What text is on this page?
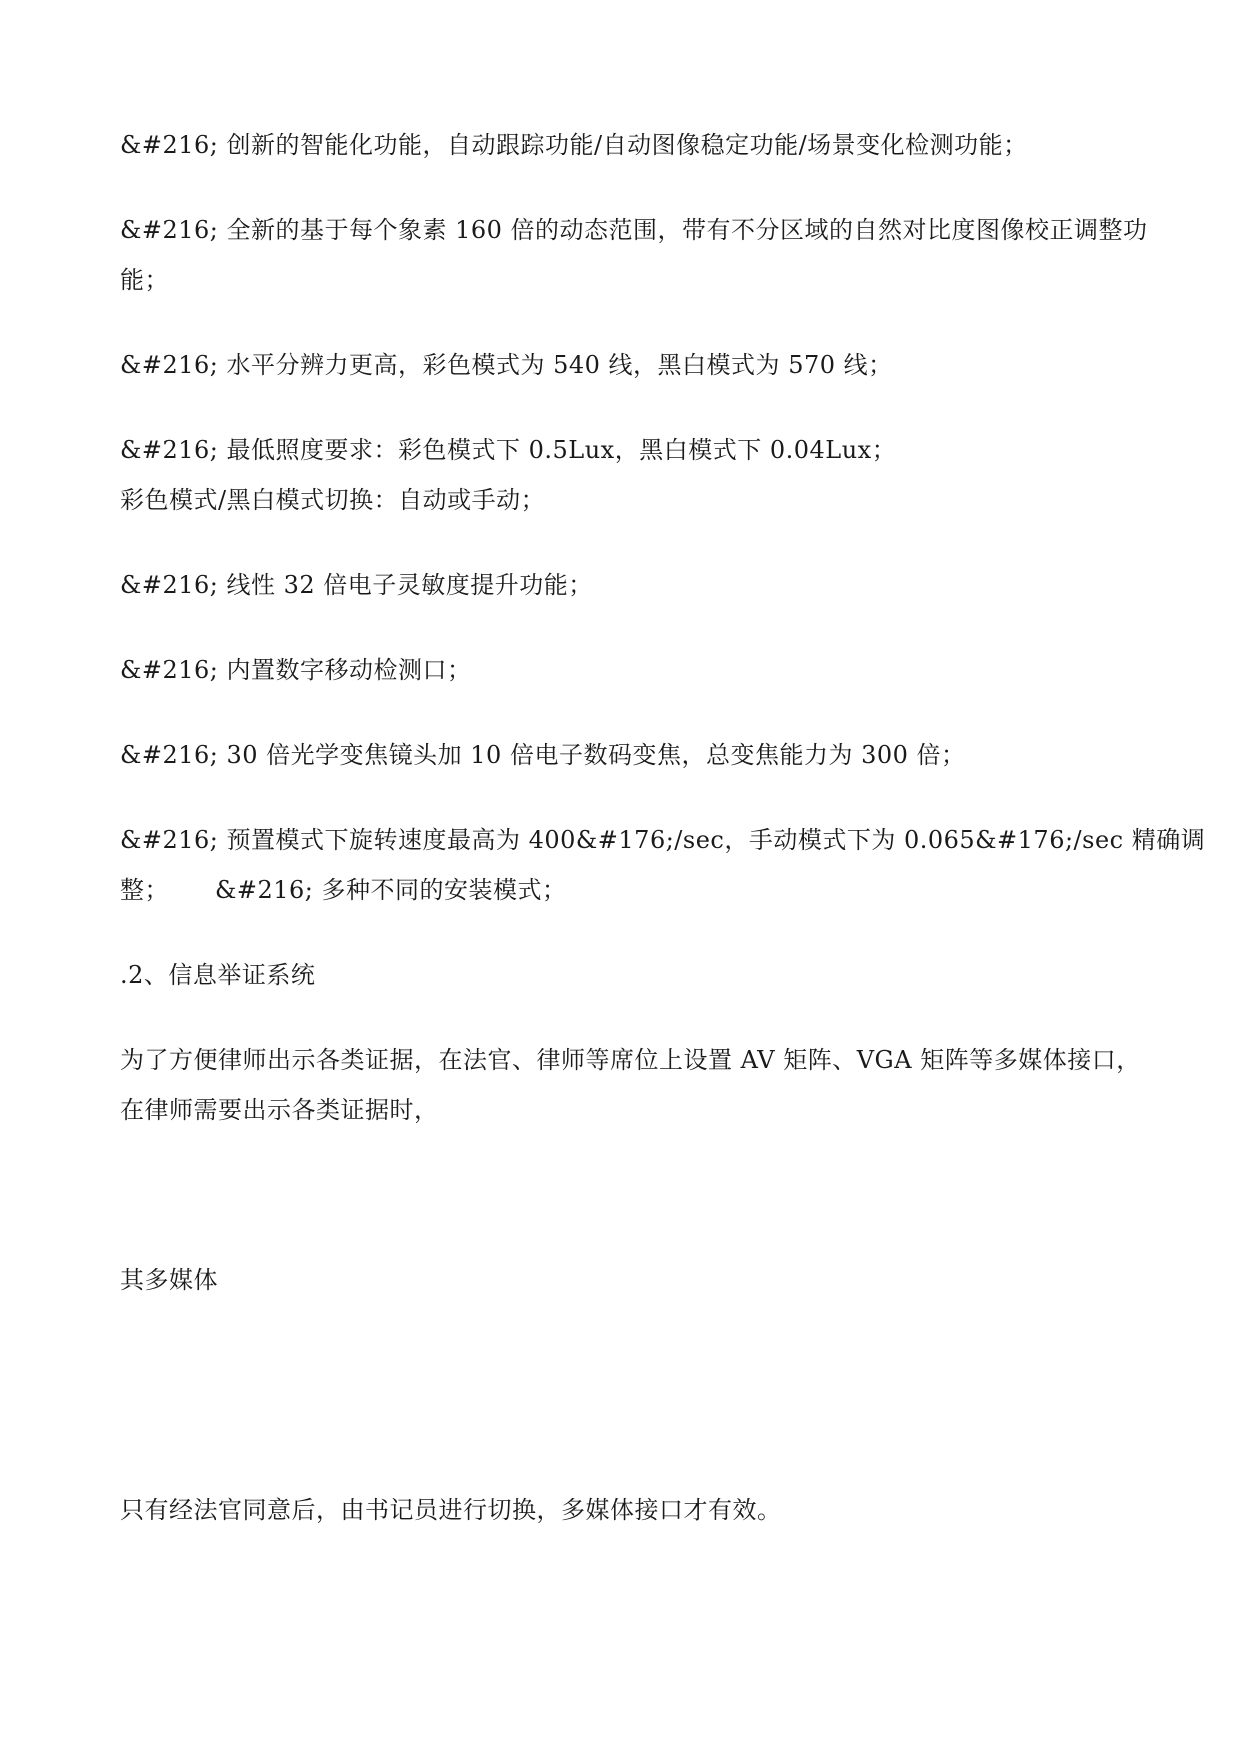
&#216; 创新的智能化功能，自动跟踪功能/自动图像稳定功能/场景变化检测功能；
&#216; 全新的基于每个象素 160 倍的动态范围，带有不分区域的自然对比度图像校正调整功
能；
&#216; 水平分辨力更高，彩色模式为 540 线，黑白模式为 570 线；
&#216; 最低照度要求：彩色模式下 0.5Lux，黑白模式下 0.04Lux；
彩色模式/黑白模式切换：自动或手动；
&#216; 线性 32 倍电子灵敏度提升功能；
&#216; 内置数字移动检测口；
&#216; 30 倍光学变焦镜头加 10 倍电子数码变焦，总变焦能力为 300 倍；
&#216; 预置模式下旋转速度最高为 400&#176;/sec，手动模式下为 0.065&#176;/sec 精确调
整； &#216; 多种不同的安装模式；
.2、信息举证系统
为了方便律师出示各类证据，在法官、律师等席位上设置 AV 矩阵、VGA 矩阵等多媒体接口，
在律师需要出示各类证据时，
其多媒体
只有经法官同意后，由书记员进行切换，多媒体接口才有效。
